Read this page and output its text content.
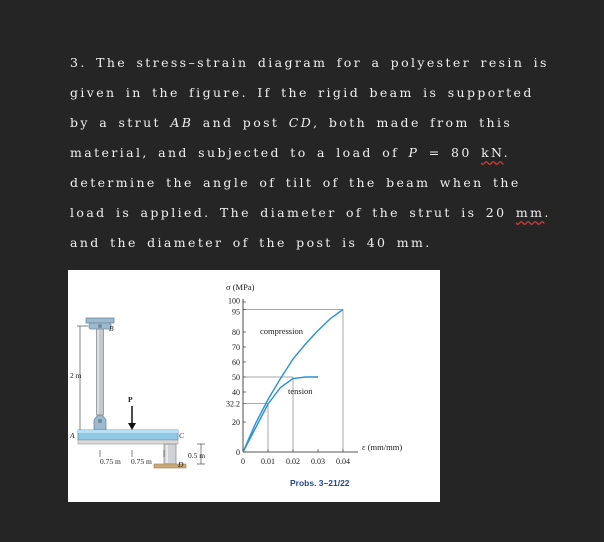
3. The stress–strain diagram for a polyester resin is
given in the figure. If the rigid beam is supported
by a strut AB and post CD, both made from this
material, and subjected to a load of P = 80 kN.
determine the angle of tilt of the beam when the
load is applied. The diameter of the strut is 20 mm.
and the diameter of the post is 40 mm.
P
B
A	C
D
2 m
0.75 m 0.75 m
0.5 m
σ (MPa)
100
95
80
70
60
50
40
32.2
20
0
0 0.01 0.02 0.03 0.04
compression
tension
ε (mm/mm)
Probs. 3–21/22
